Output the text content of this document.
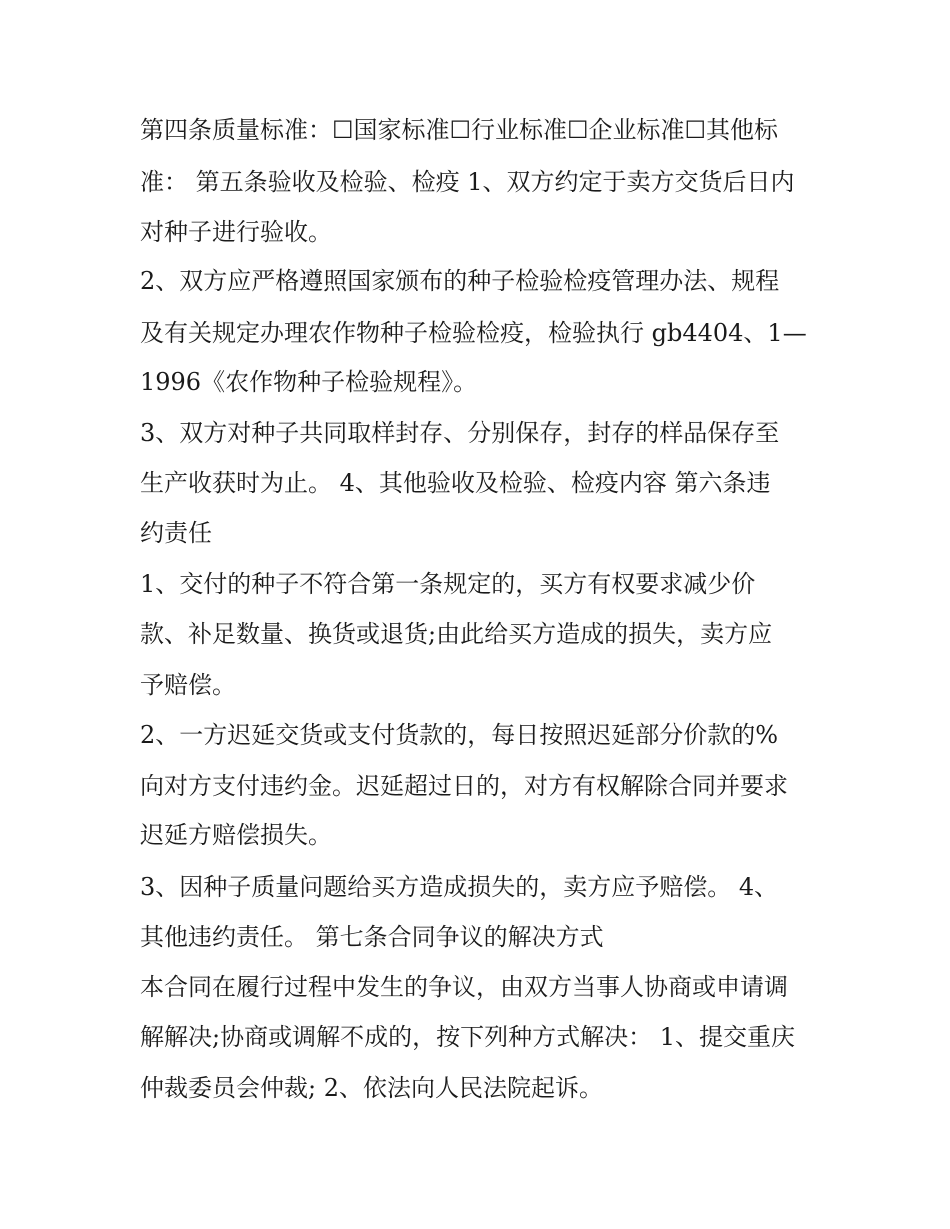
第四条质量标准：☐国家标准☐行业标准☐企业标准☐其他标
准： 第五条验收及检验、检疫 1、双方约定于卖方交货后日内
对种子进行验收。
2、双方应严格遵照国家颁布的种子检验检疫管理办法、规程
及有关规定办理农作物种子检验检疫，检验执行 gb4404、1—
1996《农作物种子检验规程》。
3、双方对种子共同取样封存、分别保存，封存的样品保存至
生产收获时为止。 4、其他验收及检验、检疫内容 第六条违
约责任
1、交付的种子不符合第一条规定的，买方有权要求减少价
款、补足数量、换货或退货;由此给买方造成的损失，卖方应
予赔偿。
2、一方迟延交货或支付货款的，每日按照迟延部分价款的%
向对方支付违约金。迟延超过日的，对方有权解除合同并要求
迟延方赔偿损失。
3、因种子质量问题给买方造成损失的，卖方应予赔偿。 4、
其他违约责任。 第七条合同争议的解决方式
本合同在履行过程中发生的争议，由双方当事人协商或申请调
解解决;协商或调解不成的，按下列种方式解决： 1、提交重庆
仲裁委员会仲裁; 2、依法向人民法院起诉。
